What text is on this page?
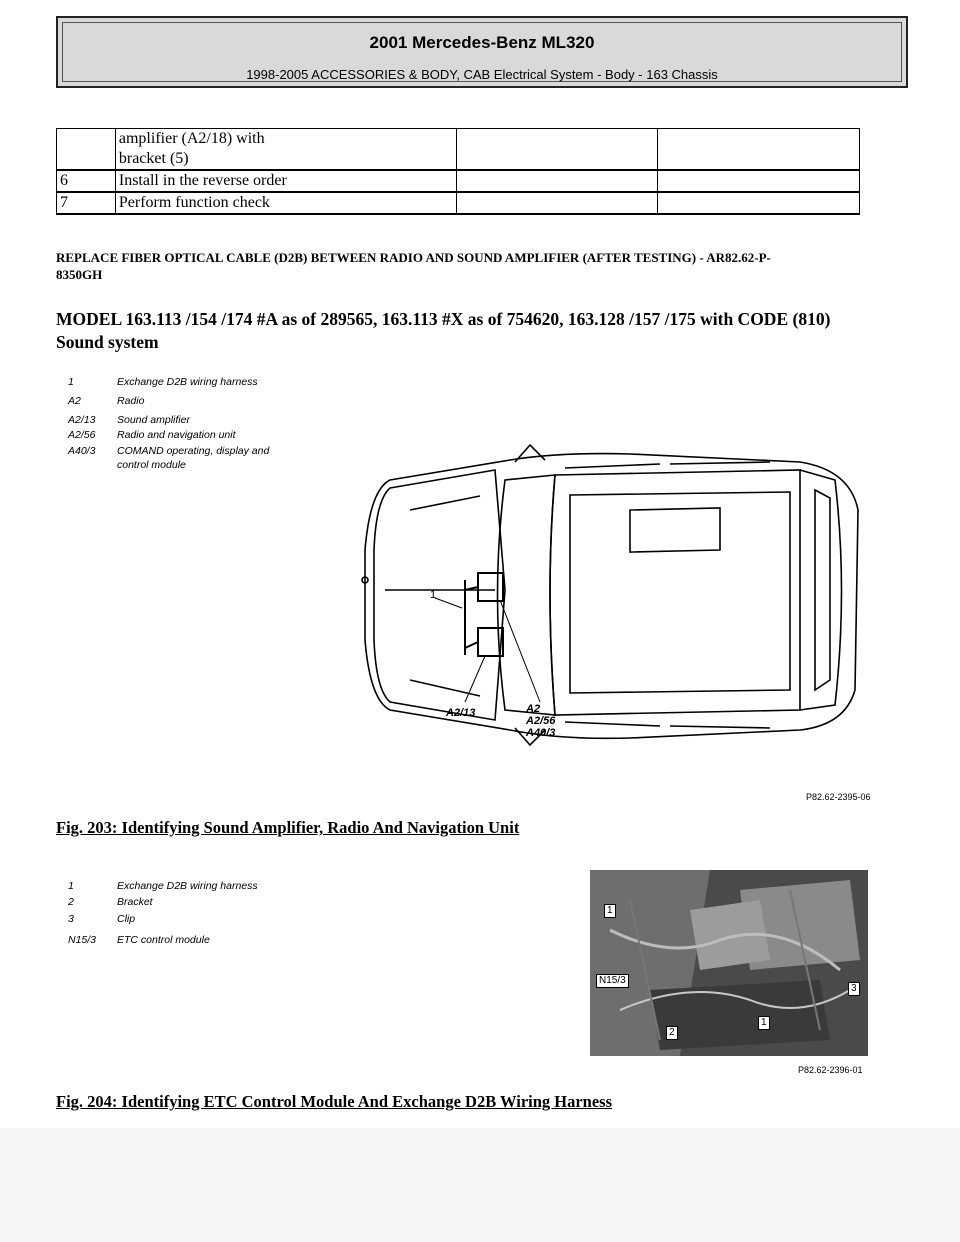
2001 Mercedes-Benz ML320
1998-2005 ACCESSORIES & BODY, CAB Electrical System - Body - 163 Chassis
	amplifier (A2/18) with
bracket (5)		
6	Install in the reverse order		
7	Perform function check		
REPLACE FIBER OPTICAL CABLE (D2B) BETWEEN RADIO AND SOUND AMPLIFIER (AFTER TESTING) - AR82.62-P-
8350GH
MODEL 163.113 /154 /174 #A as of 289565, 163.113 #X as of 754620, 163.128 /157 /175 with CODE (810)
Sound system
1	Exchange D2B wiring harness
A2	Radio
A2/13 Sound amplifier
A2/56 Radio and navigation unit
A40/3 COMAND operating, display and
control module
1
A2/13	A2
A2/56
A40/3
P82.62-2395-06
Fig. 203: Identifying Sound Amplifier, Radio And Navigation Unit
1	Exchange D2B wiring harness
2	Bracket
3	Clip
N15/3 ETC control module
1
N15/3
2
1
3
P82.62-2396-01
Fig. 204: Identifying ETC Control Module And Exchange D2B Wiring Harness
